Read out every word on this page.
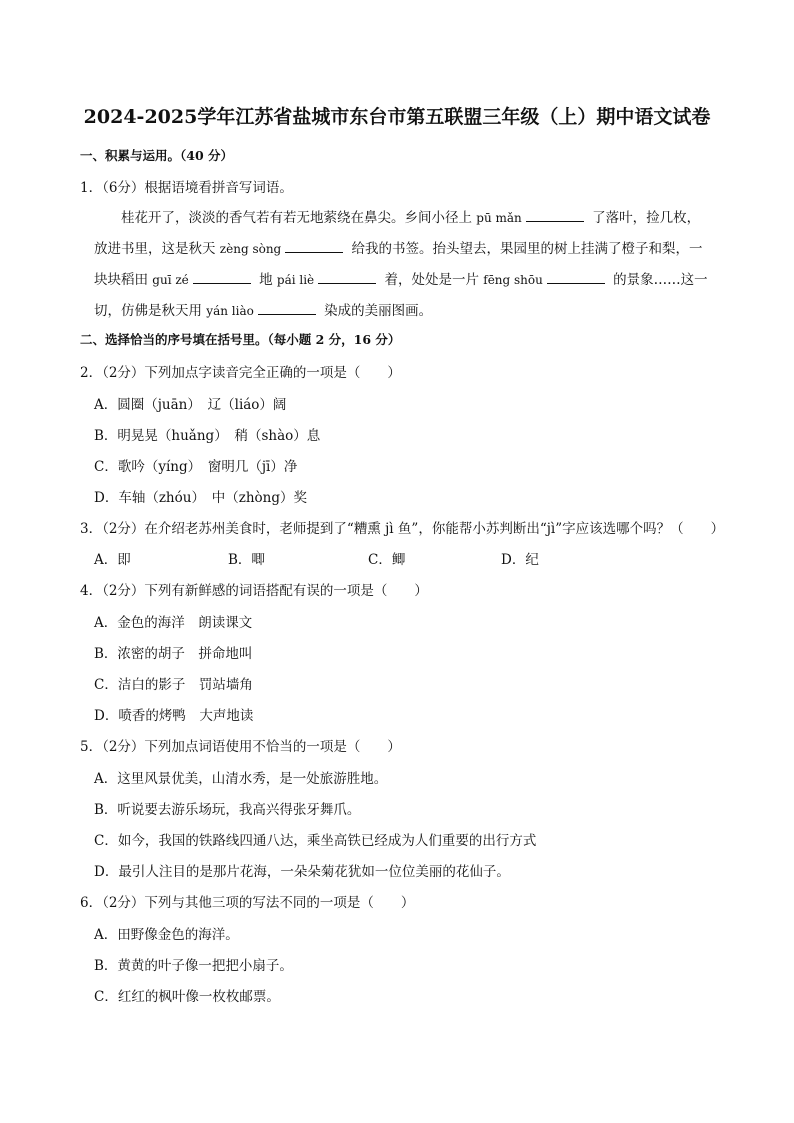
2024-2025学年江苏省盐城市东台市第五联盟三年级（上）期中语文试卷
一、积累与运用。（40 分）
1．（6分）根据语境看拼音写词语。
桂花开了，淡淡的香气若有若无地萦绕在鼻尖。乡间小径上 pū mǎn	了落叶，捡几枚，
放进书里，这是秋天 zèng sòng	给我的书签。抬头望去，果园里的树上挂满了橙子和梨，一
块块稻田 guī zé	地 pái liè	着，处处是一片 fēng shōu	的景象……这一
切，仿佛是秋天用 yán liào	染成的美丽图画。
二、选择恰当的序号填在括号里。（每小题 2 分，16 分）
2．（2分）下列加点字读音完全正确的一项是（　　）
A．圆圈（juān）　辽（liáo）阔
B．明晃晃（huǎng）　稍（shào）息
C．歌吟（yíng）　窗明几（jī）净
D．车轴（zhóu）　中（zhòng）奖
3．（2分）在介绍老苏州美食时，老师提到了“糟熏 jì 鱼”，你能帮小苏判断出“jì”字应该选哪个吗？（　　）
A．即	B．唧	C．鲫	D．纪
4．（2分）下列有新鲜感的词语搭配有误的一项是（　　）
A．金色的海洋　朗读课文
B．浓密的胡子　拼命地叫
C．洁白的影子　罚站墙角
D．喷香的烤鸭　大声地读
5．（2分）下列加点词语使用不恰当的一项是（　　）
A．这里风景优美，山清水秀，是一处旅游胜地。
B．听说要去游乐场玩，我高兴得张牙舞爪。
C．如今，我国的铁路线四通八达，乘坐高铁已经成为人们重要的出行方式
D．最引人注目的是那片花海，一朵朵菊花犹如一位位美丽的花仙子。
6．（2分）下列与其他三项的写法不同的一项是（　　）
A．田野像金色的海洋。
B．黄黄的叶子像一把把小扇子。
C．红红的枫叶像一枚枚邮票。
